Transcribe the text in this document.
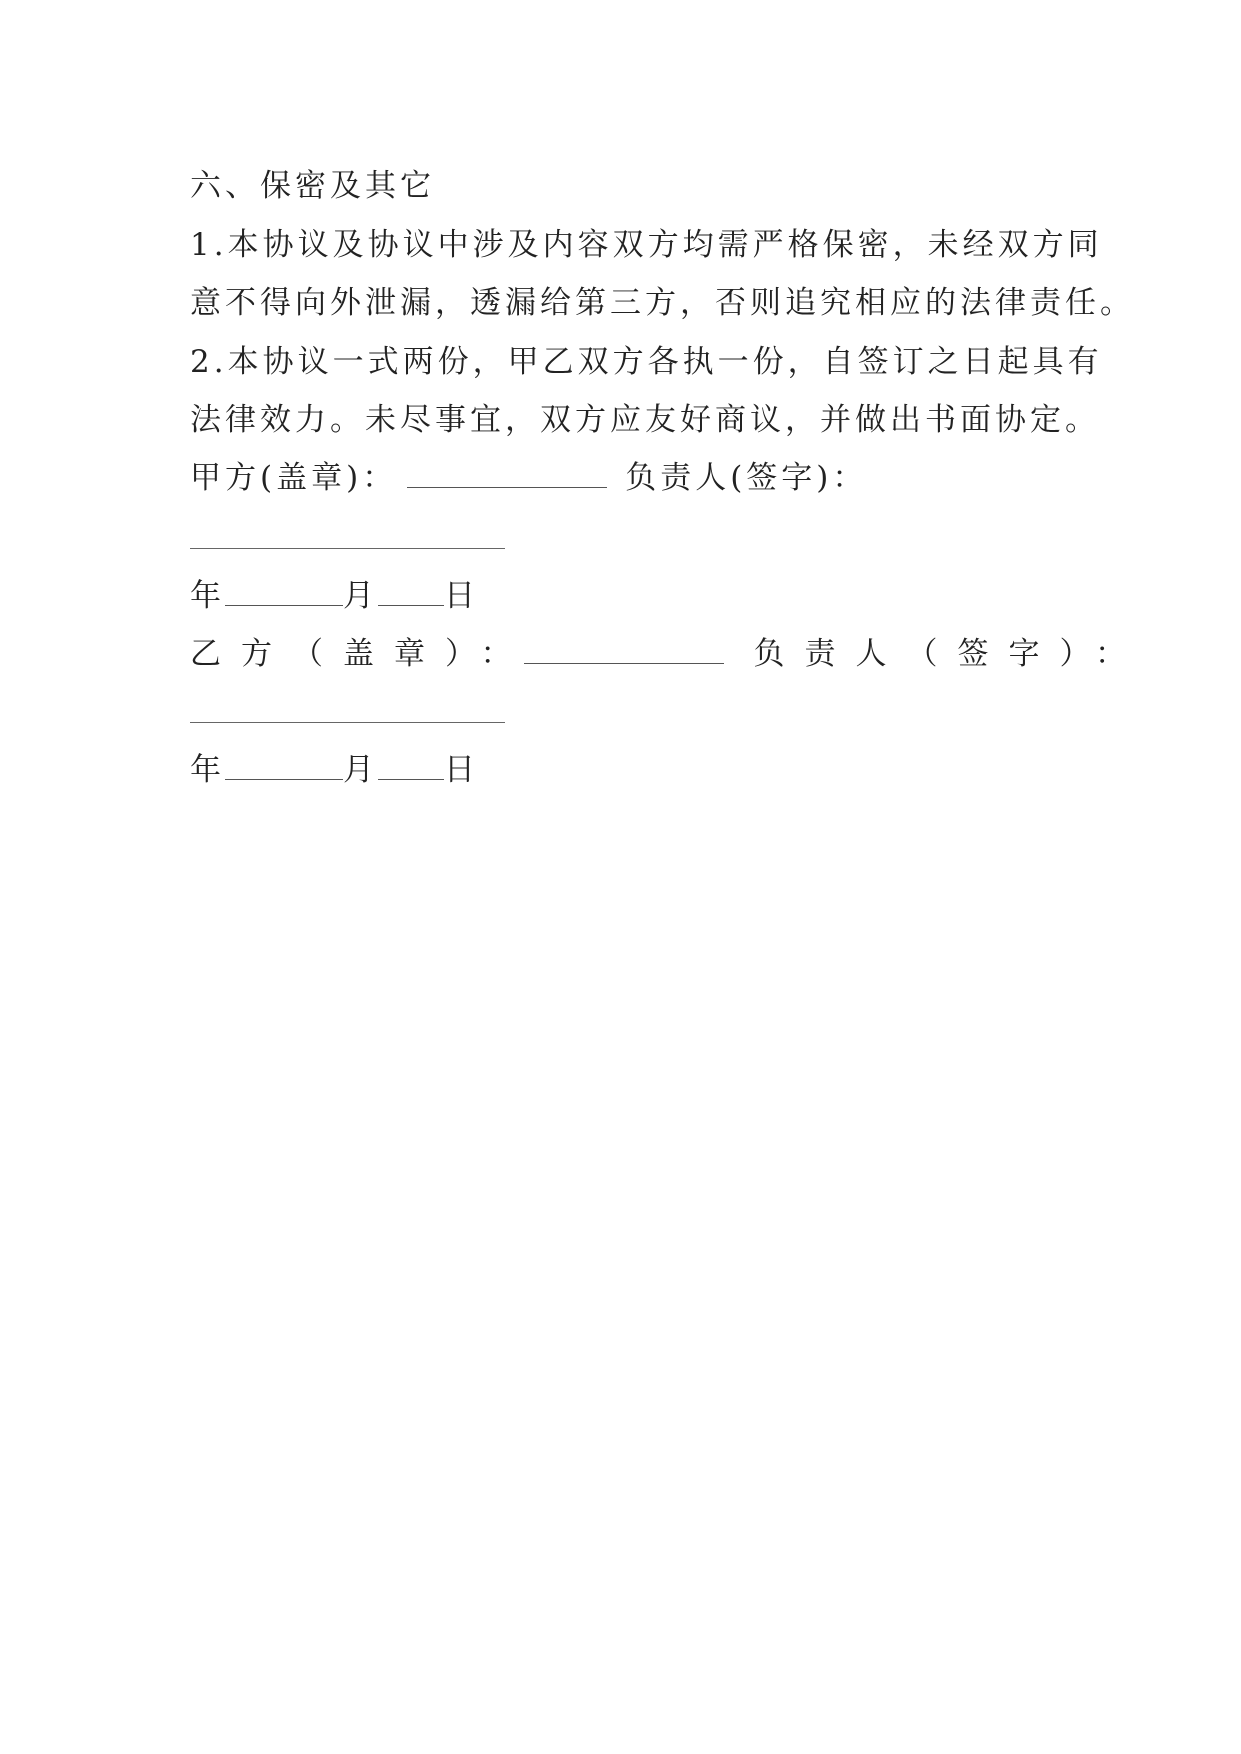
六、保密及其它
1.本协议及协议中涉及内容双方均需严格保密，未经双方同
意不得向外泄漏，透漏给第三方，否则追究相应的法律责任。
2.本协议一式两份，甲乙双方各执一份，自签订之日起具有
法律效力。未尽事宜，双方应友好商议，并做出书面协定。
甲方(盖章)：	负责人(签字)：
年	月 日
乙方（盖章）：	负责人（签字）：
年	月 日
